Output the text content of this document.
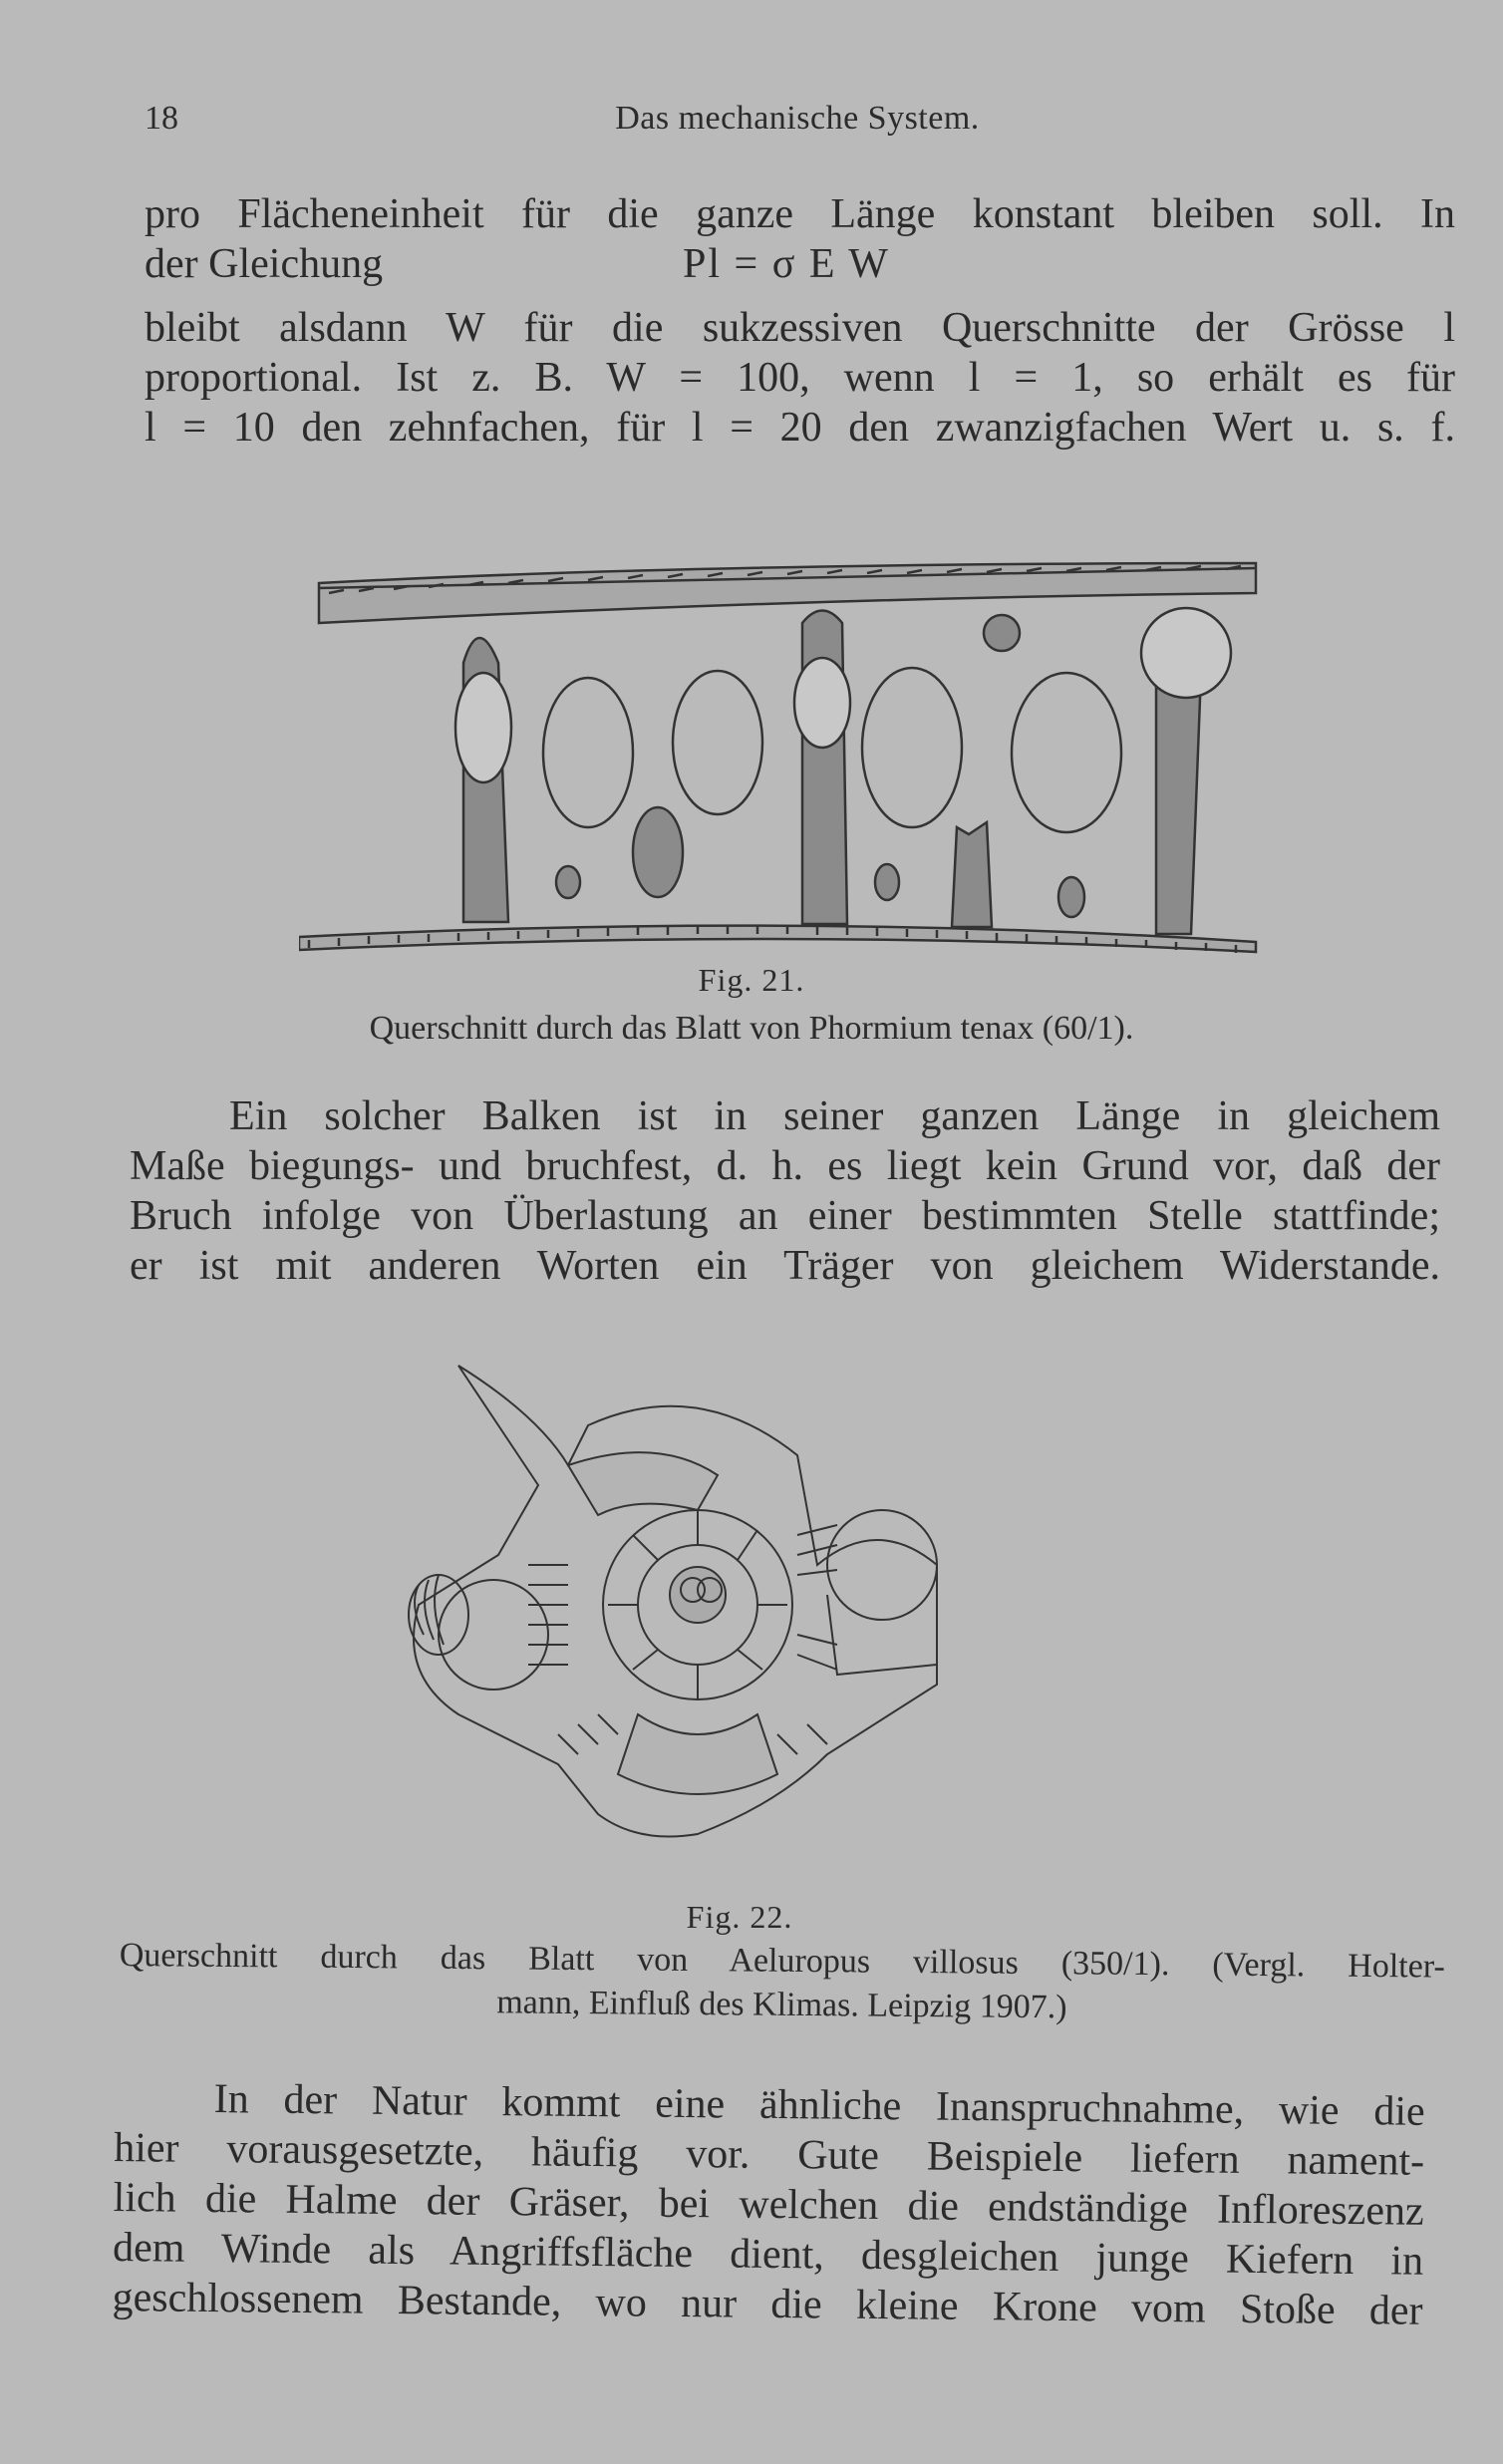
18	Das mechanische System.
pro Flächeneinheit für die ganze Länge konstant bleiben soll. In
der Gleichung	Pl = σ E W
bleibt alsdann W für die sukzessiven Querschnitte der Grösse l
proportional. Ist z. B. W = 100, wenn l = 1, so erhält es für
l = 10 den zehnfachen, für l = 20 den zwanzigfachen Wert u. s. f.
Fig. 21.
Querschnitt durch das Blatt von Phormium tenax (60/1).
Ein solcher Balken ist in seiner ganzen Länge in gleichem
Maße biegungs- und bruchfest, d. h. es liegt kein Grund vor, daß der
Bruch infolge von Überlastung an einer bestimmten Stelle stattfinde;
er ist mit anderen Worten ein Träger von gleichem Widerstande.
Fig. 22.
Querschnitt durch das Blatt von Aeluropus villosus (350/1). (Vergl. Holter-
mann, Einfluß des Klimas. Leipzig 1907.)
In der Natur kommt eine ähnliche Inanspruchnahme, wie die
hier vorausgesetzte, häufig vor. Gute Beispiele liefern nament-
lich die Halme der Gräser, bei welchen die endständige Infloreszenz
dem Winde als Angriffsfläche dient, desgleichen junge Kiefern in
geschlossenem Bestande, wo nur die kleine Krone vom Stoße der
